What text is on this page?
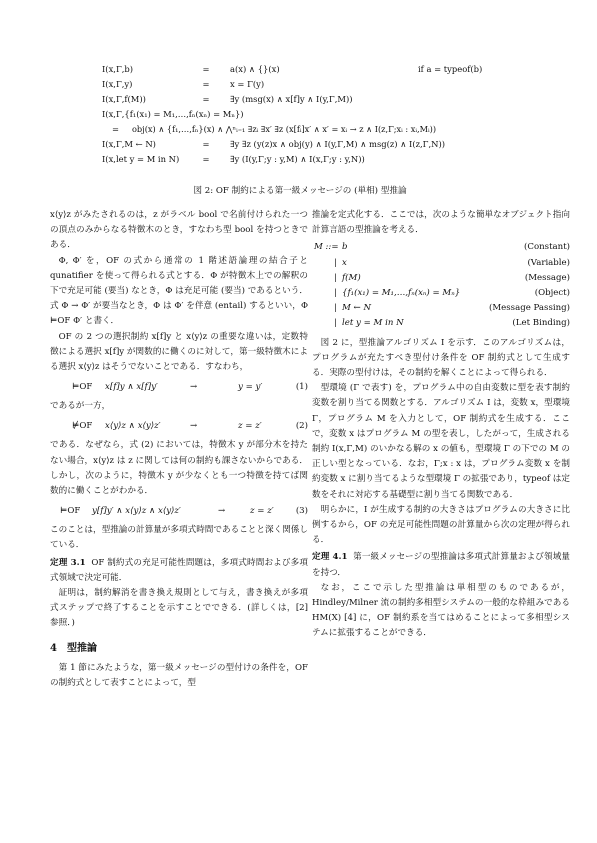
I(x,Γ,b)	= a(x) ∧ {}(x)	if a = typeof(b)
I(x,Γ,y)	= x = Γ(y)
I(x,Γ,f(M))	= ∃y (msg(x) ∧ x[f]y ∧ I(y,Γ,M))
I(x,Γ,{f₁(x₁) = M₁,…,fₙ(xₙ) = Mₙ})
= obj(x) ∧ {f₁,…,fₙ}(x) ∧ ⋀ⁿᵢ₌₁ ∃zᵢ ∃x′ ∃z (x[fᵢ]x′ ∧ x′ = xᵢ → z ∧ I(z,Γ;xᵢ : xᵢ,Mᵢ))
I(x,Γ,M ← N)	= ∃y ∃z (y(z)x ∧ obj(y) ∧ I(y,Γ,M) ∧ msg(z) ∧ I(z,Γ,N))
I(x,let y = M in N)	= ∃y (I(y,Γ;y : y,M) ∧ I(x,Γ;y : y,N))
図 2: OF 制約による第一級メッセージの (単相) 型推論

x⟨y⟩z がみたされるのは，z がラベル bool で名前付けられた一つの頂点のみからなる特徴木のとき，すなわち型 bool を持つときである．

Φ, Φ′ を，OF の式から通常の 1 階述語論理の結合子と qunatifier を使って得られる式とする．Φ が特徴木上での解釈の下で充足可能 (要当) なとき，Φ は充足可能 (要当) であるという．式 Φ → Φ′ が要当なとき，Φ は Φ′ を伴意 (entail) するといい，Φ ⊨OF Φ′ と書く．

OF の 2 つの選択制約 x[f]y と x⟨y⟩z の重要な違いは，定数特徴による選択 x[f]y が関数的に働くのに対して，第一級特徴木による選択 x⟨y⟩z はそうでないことである．すなわち，

⊨OF x[f]y ∧ x[f]y′	→	y = y′	(1)

であるが一方，

⊭OF x⟨y⟩z ∧ x⟨y⟩z′	→	z = z′	(2)

である．なぜなら，式 (2) においては，特徴木 y が部分木を持たない場合，x⟨y⟩z は z に関しては何の制約も課さないからである．しかし，次のように，特徴木 y が少なくとも一つ特徴を持てば関数的に働くことがわかる．

⊨OF y[f]y′ ∧ x⟨y⟩z ∧ x⟨y⟩z′	→	z = z′	(3)

このことは，型推論の計算量が多項式時間であることと深く関係している．

定理 3.1 OF 制約式の充足可能性問題は，多項式時間および多項式領域で決定可能．

証明は，制約解消を書き換え規則として与え，書き換えが多項式ステップで終了することを示すことでできる．(詳しくは，[2] 参照．)

4 型推論

第 1 節にみたような，第一級メッセージの型付けの条件を，OF の制約式として表すことによって，型

推論を定式化する．ここでは，次のような簡単なオブジェクト指向計算言語の型推論を考える．

M ::= b	(Constant)
| x	(Variable)
| f(M)	(Message)
| {f₁(x₁) = M₁,…,fₙ(xₙ) = Mₙ}	(Object)
| M ← N	(Message Passing)
| let y = M in N	(Let Binding)

図 2 に，型推論アルゴリズム I を示す．このアルゴリズムは，プログラムが充たすべき型付け条件を OF 制約式として生成する．実際の型付けは，その制約を解くことによって得られる．

型環境 (Γ で表す) を，プログラム中の自由変数に型を表す制約変数を割り当てる関数とする．アルゴリズム I は，変数 x，型環境 Γ，プログラム M を入力として，OF 制約式を生成する．ここで，変数 x はプログラム M の型を表し，したがって，生成される制約 I(x,Γ,M) のいかなる解の x の値も，型環境 Γ の下での M の正しい型となっている．なお，Γ;x : x は，プログラム変数 x を制約変数 x に割り当てるような型環境 Γ の拡張であり，typeof は定数をそれに対応する基礎型に割り当てる関数である．

明らかに，I が生成する制約の大きさはプログラムの大きさに比例するから，OF の充足可能性問題の計算量から次の定理が得られる．

定理 4.1 第一級メッセージの型推論は多項式計算量および領域量を持つ．

なお，ここで示した型推論は単相型のものであるが，Hindley/Milner 流の制約多相型システムの一般的な枠組みである HM(X) [4] に，OF 制約系を当てはめることによって多相型システムに拡張することができる．
